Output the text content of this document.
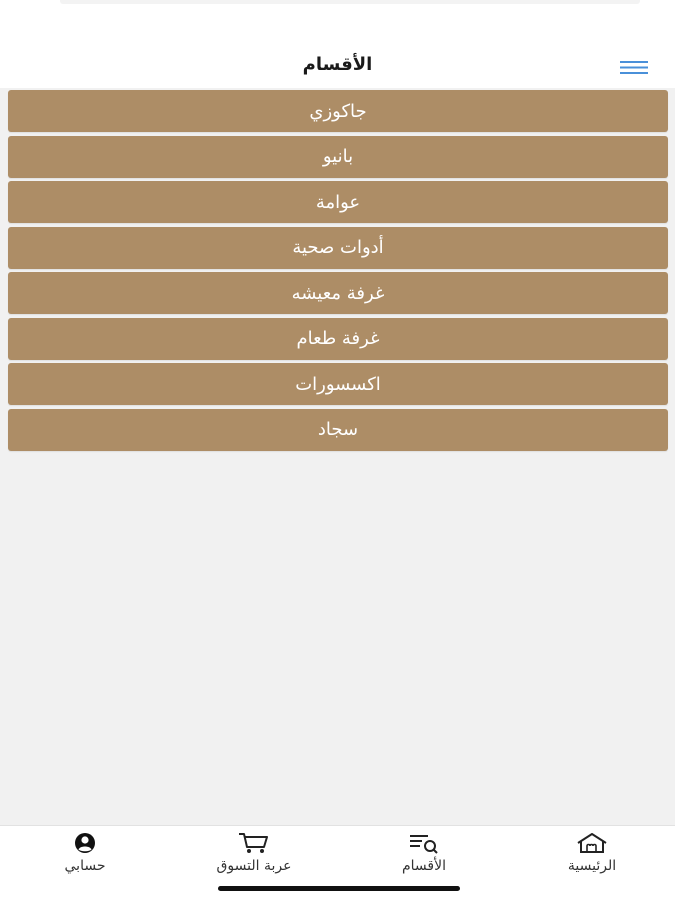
الأقسام
جاكوزي
بانيو
عوامة
أدوات صحية
غرفة معيشه
غرفة طعام
اكسسورات
سجاد
حسابي	عربة التسوق	الأقسام	الرئيسية
